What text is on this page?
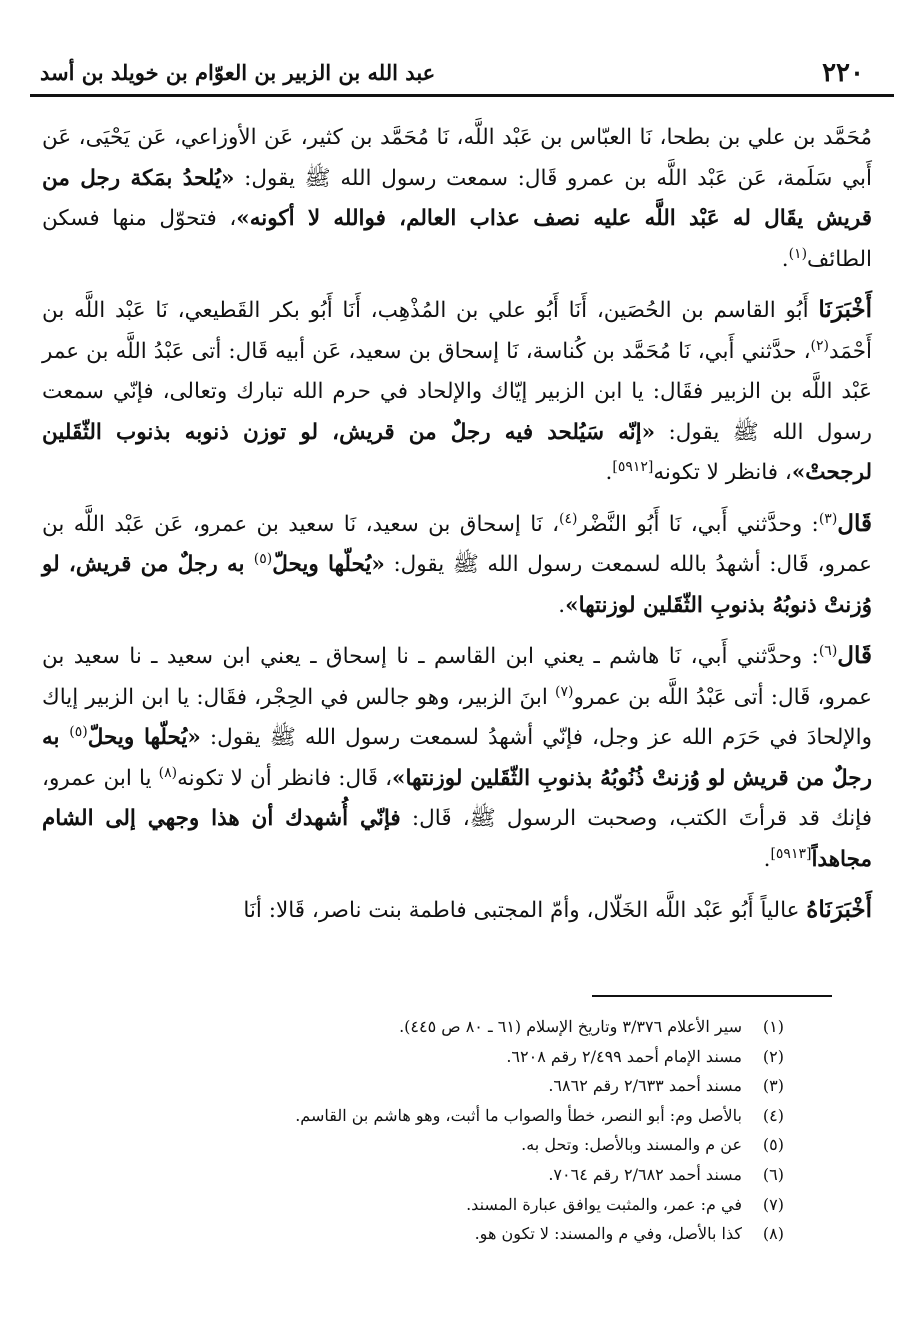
٢٢٠
عبد الله بن الزبير بن العوّام بن خويلد بن أسد

مُحَمَّد بن علي بن بطحا، نَا العبّاس بن عَبْد اللَّه، نَا مُحَمَّد بن كثير، عَن الأوزاعي، عَن يَحْيَى، عَن أَبي سَلَمة، عَن عَبْد اللَّه بن عمرو قَال: سمعت رسول الله ﷺ يقول: «يُلحدُ بمَكة رجل من قريش يقَال له عَبْد اللَّه عليه نصف عذاب العالم، فوالله لا أكونه»، فتحوّل منها فسكن الطائف$^{(١)}$.

أَخْبَرَنَا أَبُو القاسم بن الحُصَين، أَنَا أَبُو علي بن المُذْهِب، أَنَا أَبُو بكر القَطيعي، نَا عَبْد اللَّه بن أَحْمَد$^{(٢)}$، حدَّثني أَبي، نَا مُحَمَّد بن كُناسة، نَا إسحاق بن سعيد، عَن أبيه قَال: أتى عَبْدُ اللَّه بن عمر عَبْد اللَّه بن الزبير فقَال: يا ابن الزبير إيّاك والإلحاد في حرم الله تبارك وتعالى، فإنّي سمعت رسول الله ﷺ يقول: «إنّه سَيُلحد فيه رجلٌ من قريش، لو توزن ذنوبه بذنوب الثّقَلين لرجحتْ»، فانظر لا تكونه[٥٩١٢].

قَال$^{(٣)}$: وحدَّثني أَبي، نَا أَبُو النَّضْر$^{(٤)}$، نَا إسحاق بن سعيد، نَا سعيد بن عمرو، عَن عَبْد اللَّه بن عمرو، قَال: أشهدُ بالله لسمعت رسول الله ﷺ يقول: «يُحلّها ويحلّ$^{(٥)}$ به رجلٌ من قريش، لو وُزنتْ ذنوبُهُ بذنوبِ الثّقَلين لوزنتها».

قَال$^{(٦)}$: وحدَّثني أَبي، نَا هاشم ـ يعني ابن القاسم ـ نا إسحاق ـ يعني ابن سعيد ـ نا سعيد بن عمرو، قَال: أتى عَبْدُ اللَّه بن عمرو$^{(٧)}$ ابنَ الزبير، وهو جالس في الحِجْر، فقَال: يا ابن الزبير إياك والإلحادَ في حَرَم الله عز وجل، فإنّي أشهدُ لسمعت رسول الله ﷺ يقول: «يُحلّها ويحلّ$^{(٥)}$ به رجلٌ من قريش لو وُزنتْ ذُنُوبُهُ بذنوبِ الثّقَلين لوزنتها»، قَال: فانظر أن لا تكونه$^{(٨)}$ يا ابن عمرو، فإنك قد قرأتَ الكتب، وصحبت الرسول ﷺ، قَال: فإنّي أُشهدك أن هذا وجهي إلى الشام مجاهداً[٥٩١٣].

أَخْبَرَنَاهُ عالياً أَبُو عَبْد اللَّه الخَلّال، وأمّ المجتبى فاطمة بنت ناصر، قَالا: أنَا

(١)سير الأعلام ٣/٣٧٦ وتاريخ الإسلام (٦١ ـ ٨٠ ص ٤٤٥).
(٢)مسند الإمام أحمد ٢/٤٩٩ رقم ٦٢٠٨.
(٣)مسند أحمد ٢/٦٣٣ رقم ٦٨٦٢.
(٤)بالأصل وم: أبو النصر، خطأ والصواب ما أثبت، وهو هاشم بن القاسم.
(٥)عن م والمسند وبالأصل: وتحل به.
(٦)مسند أحمد ٢/٦٨٢ رقم ٧٠٦٤.
(٧)في م: عمر، والمثبت يوافق عبارة المسند.
(٨)كذا بالأصل، وفي م والمسند: لا تكون هو.
